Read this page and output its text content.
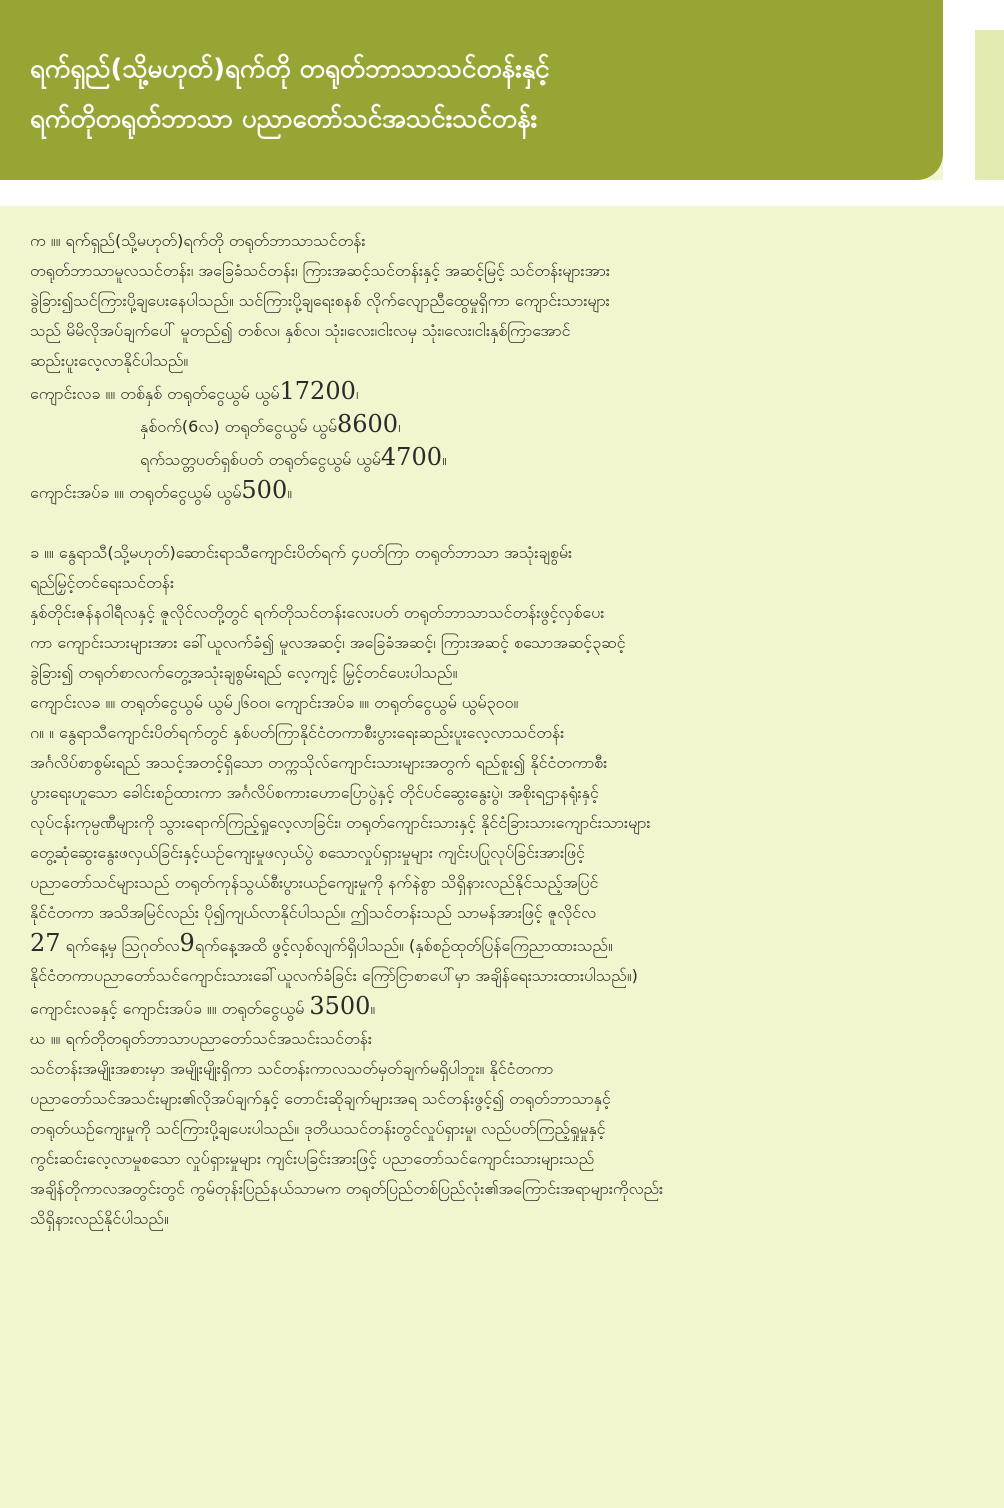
ရက်ရှည်(သို့မဟုတ်)ရက်တို တရုတ်ဘာသာသင်တန်းနှင့်
ရက်တိုတရုတ်ဘာသာ ပညာတော်သင်အသင်းသင်တန်း

က ။။ ရက်ရှည်(သို့မဟုတ်)ရက်တို တရုတ်ဘာသာသင်တန်း

တရုတ်ဘာသာမူလသင်တန်း၊ အခြေခံသင်တန်း၊ ကြားအဆင့်သင်တန်းနှင့် အဆင့်မြင့် သင်တန်းများအား

ခွဲခြား၍သင်ကြားပို့ချပေးနေပါသည်။ သင်ကြားပို့ချရေးစနစ် လိုက်လျောညီထွေမှုရှိကာ ကျောင်းသားများ

သည် မိမိလိုအပ်ချက်ပေါ် မူတည်၍ တစ်လ၊ နှစ်လ၊ သုံး၊လေး၊ငါးလမှ သုံး၊လေး၊ငါးနှစ်ကြာအောင်

ဆည်းပူးလေ့လာနိုင်ပါသည်။

ကျောင်းလခ ။။ တစ်နှစ် တရုတ်ငွေယွမ် ယွမ်17200၊

နှစ်ဝက်(6လ) တရုတ်ငွေယွမ် ယွမ်8600၊

ရက်သတ္တပတ်ရှစ်ပတ် တရုတ်ငွေယွမ် ယွမ်4700။

ကျောင်းအပ်ခ ။။ တရုတ်ငွေယွမ် ယွမ်500။

ခ ။။ နွေရာသီ(သို့မဟုတ်)ဆောင်းရာသီကျောင်းပိတ်ရက် ၄ပတ်ကြာ တရုတ်ဘာသာ အသုံးချစွမ်း

ရည်မြှင့်တင်ရေးသင်တန်း

နှစ်တိုင်းဇန်နဝါရီလနှင့် ဇူလိုင်လတို့တွင် ရက်တိုသင်တန်းလေးပတ် တရုတ်ဘာသာသင်တန်းဖွင့်လှစ်ပေး

ကာ ကျောင်းသားများအား ခေါ်ယူလက်ခံ၍ မူလအဆင့်၊ အခြေခံအဆင့်၊ ကြားအဆင့် စသောအဆင့်၃ဆင့်

ခွဲခြား၍ တရုတ်စာလက်တွေ့အသုံးချစွမ်းရည် လေ့ကျင့် မြှင့်တင်ပေးပါသည်။

ကျောင်းလခ ။။ တရုတ်ငွေယွမ် ယွမ်၂၆၀၀၊ ကျောင်းအပ်ခ ။။ တရုတ်ငွေယွမ် ယွမ်၃၀၀။

ဂ။ ။ နွေရာသီကျောင်းပိတ်ရက်တွင် နှစ်ပတ်ကြာနိုင်ငံတကာစီးပွားရေးဆည်းပူးလေ့လာသင်တန်း

အင်္ဂလိပ်စာစွမ်းရည် အသင့်အတင့်ရှိသော တက္ကသိုလ်ကျောင်းသားများအတွက် ရည်စူး၍ နိုင်ငံတကာစီး

ပွားရေးဟူသော ခေါင်းစဉ်ထားကာ အင်္ဂလိပ်စကားဟောပြောပွဲနှင့် တိုင်ပင်ဆွေးနွေးပွဲ၊ အစိုးရဌာနရုံးနှင့်

လုပ်ငန်းကုမ္ပဏီများကို သွားရောက်ကြည့်ရှုလေ့လာခြင်း၊ တရုတ်ကျောင်းသားနှင့် နိုင်ငံခြားသားကျောင်းသားများ

တွေ့ဆုံဆွေးနွေးဖလှယ်ခြင်းနှင့်ယဉ်ကျေးမှုဖလှယ်ပွဲ စသောလှုပ်ရှားမှုများ ကျင်းပပြုလုပ်ခြင်းအားဖြင့်

ပညာတော်သင်များသည် တရုတ်ကုန်သွယ်စီးပွားယဉ်ကျေးမှုကို နက်နဲစွာ သိရှိနားလည်နိုင်သည့်အပြင်

နိုင်ငံတကာ အသိအမြင်လည်း ပို၍ကျယ်လာနိုင်ပါသည်။ ဤသင်တန်းသည် သာမန်အားဖြင့် ဇူလိုင်လ

27 ရက်နေ့မှ ဩဂုတ်လ9ရက်နေ့အထိ ဖွင့်လှစ်လျက်ရှိပါသည်။ (နှစ်စဉ်ထုတ်ပြန်ကြေညာထားသည်။

နိုင်ငံတကာပညာတော်သင်ကျောင်းသားခေါ်ယူလက်ခံခြင်း ကြော်ငြာစာပေါ်မှာ အချိန်ရေးသားထားပါသည်။)

ကျောင်းလခနှင့် ကျောင်းအပ်ခ ။။ တရုတ်ငွေယွမ် 3500။

ဃ ။။ ရက်တိုတရုတ်ဘာသာပညာတော်သင်အသင်းသင်တန်း

သင်တန်းအမျိုးအစားမှာ အမျိုးမျိုးရှိကာ သင်တန်းကာလသတ်မှတ်ချက်မရှိပါဘူး။ နိုင်ငံတကာ

ပညာတော်သင်အသင်းများ၏လိုအပ်ချက်နှင့် တောင်းဆိုချက်များအရ သင်တန်းဖွင့်၍ တရုတ်ဘာသာနှင့်

တရုတ်ယဉ်ကျေးမှုကို သင်ကြားပို့ချပေးပါသည်။ ဒုတိယသင်တန်းတွင်လှုပ်ရှားမှု၊ လည်ပတ်ကြည့်ရှုမှုနှင့်

ကွင်းဆင်းလေ့လာမှုစသော လှုပ်ရှားမှုများ ကျင်းပခြင်းအားဖြင့် ပညာတော်သင်ကျောင်းသားများသည်

အချိန်တိုကာလအတွင်းတွင် ကွမ်တုန်းပြည်နယ်သာမက တရုတ်ပြည်တစ်ပြည်လုံး၏အကြောင်းအရာများကိုလည်း

သိရှိနားလည်နိုင်ပါသည်။
